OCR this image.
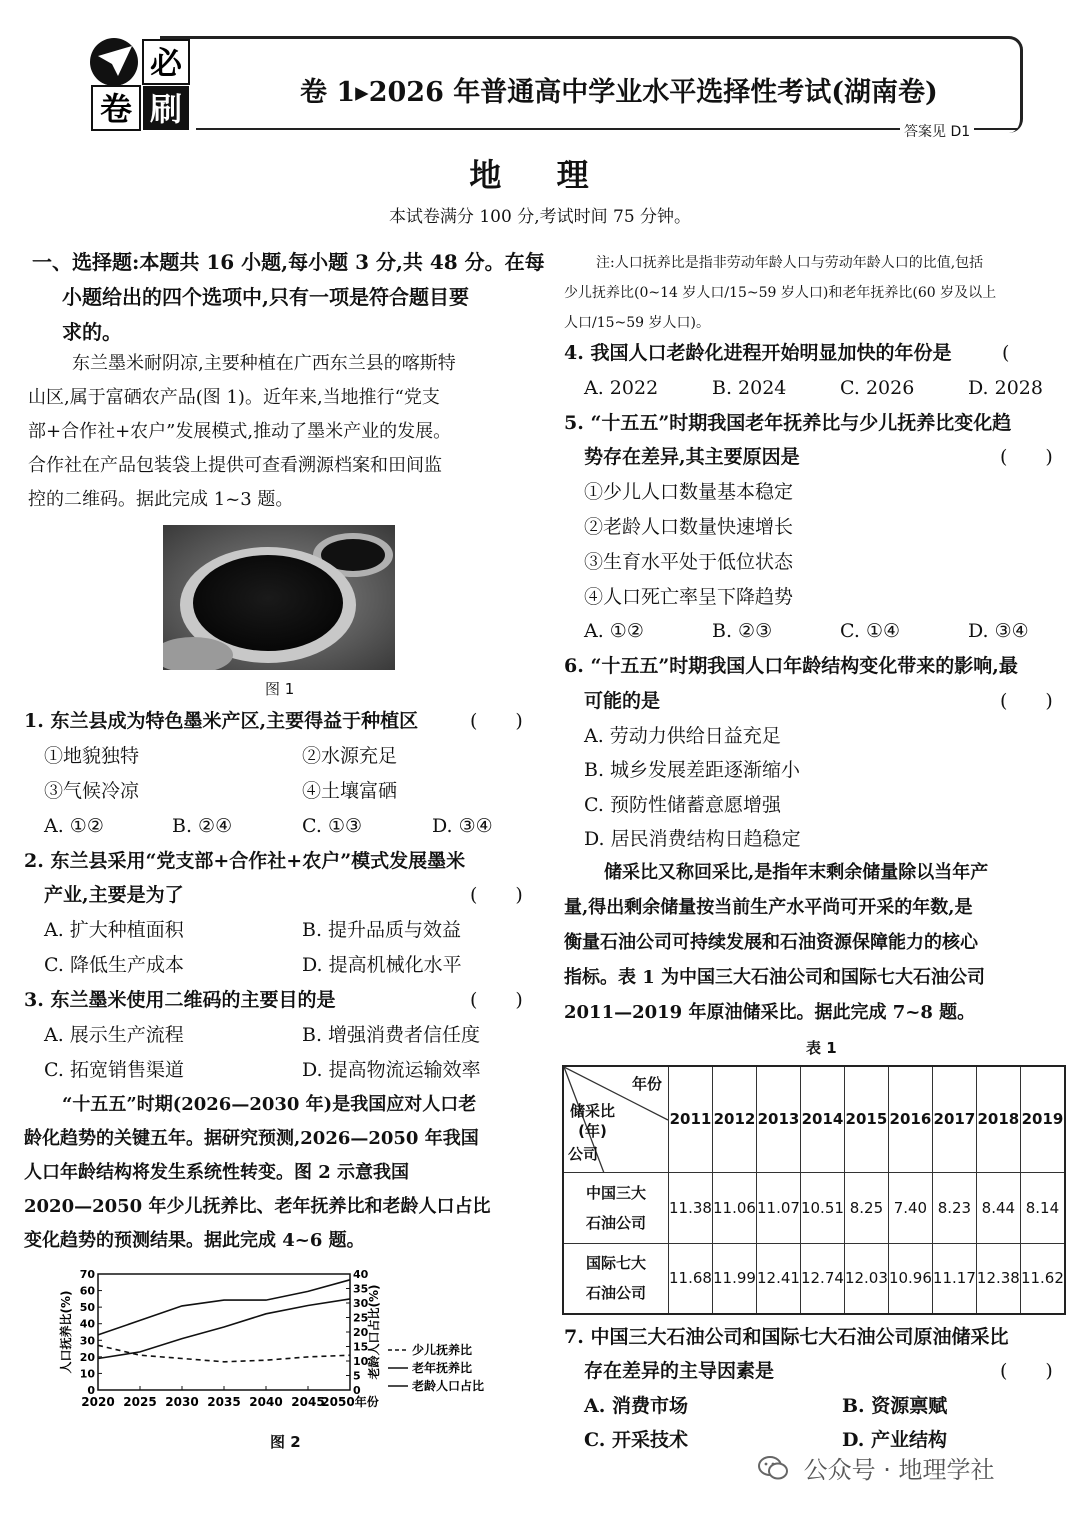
必
卷 刷	卷 1▸2026 年普通高中学业水平选择性考试(湖南卷)
答案见 D1
地 理
本试卷满分 100 分,考试时间 75 分钟。
一、选择题:本题共 16 小题,每小题 3 分,共 48 分。在每
小题给出的四个选项中,只有一项是符合题目要
求的。
东兰墨米耐阴凉,主要种植在广西东兰县的喀斯特
山区,属于富硒农产品(图 1)。近年来,当地推行“党支
部+合作社+农户”发展模式,推动了墨米产业的发展。
合作社在产品包装袋上提供可查看溯源档案和田间监
控的二维码。据此完成 1~3 题。
图 1
1. 东兰县成为特色墨米产区,主要得益于种植区	(　　)
①地貌独特	②水源充足
③气候冷凉	④土壤富硒
A. ①②	B. ②④	C. ①③	D. ③④
2. 东兰县采用“党支部+合作社+农户”模式发展墨米
产业,主要是为了	(　　)
A. 扩大种植面积	B. 提升品质与效益
C. 降低生产成本	D. 提高机械化水平
3. 东兰墨米使用二维码的主要目的是	(　　)
A. 展示生产流程	B. 增强消费者信任度
C. 拓宽销售渠道	D. 提高物流运输效率
“十五五”时期(2026—2030 年)是我国应对人口老
龄化趋势的关键五年。据研究预测,2026—2050 年我国
人口年龄结构将发生系统性转变。图 2 示意我国
2020—2050 年少儿抚养比、老年抚养比和老龄人口占比
变化趋势的预测结果。据此完成 4~6 题。
0
10
20
30
40
50
60
70
0
5
10
15
20
25
30
35
40
2020 2025 2030 2035 2040 2045
2050年份
人口抚养比(%)	老龄人口占比(%)	少儿抚养比
老年抚养比
老龄人口占比
图 2
注:人口抚养比是指非劳动年龄人口与劳动年龄人口的比值,包括
少儿抚养比(0~14 岁人口/15~59 岁人口)和老年抚养比(60 岁及以上
人口/15~59 岁人口)。
4. 我国人口老龄化进程开始明显加快的年份是	(
A. 2022	B. 2024	C. 2026	D. 2028
5. “十五五”时期我国老年抚养比与少儿抚养比变化趋
势存在差异,其主要原因是	(　　)
①少儿人口数量基本稳定
②老龄人口数量快速增长
③生育水平处于低位状态
④人口死亡率呈下降趋势
A. ①②	B. ②③	C. ①④	D. ③④
6. “十五五”时期我国人口年龄结构变化带来的影响,最
可能的是	(　　)
A. 劳动力供给日益充足
B. 城乡发展差距逐渐缩小
C. 预防性储蓄意愿增强
D. 居民消费结构日趋稳定
储采比又称回采比,是指年末剩余储量除以当年产
量,得出剩余储量按当前生产水平尚可开采的年数,是
衡量石油公司可持续发展和石油资源保障能力的核心
指标。表 1 为中国三大石油公司和国际七大石油公司
2011—2019 年原油储采比。据此完成 7~8 题。
表 1
年份
储采比
(年)
公司	2011	2012	2013	2014	2015	2016	2017	2018	2019

中国三大
石油公司	11.38	11.06	11.07	10.51	8.25	7.40	8.23	8.44	8.14

国际七大
石油公司	11.68	11.99	12.41	12.74	12.03	10.96	11.17	12.38	11.62
7. 中国三大石油公司和国际七大石油公司原油储采比
存在差异的主导因素是	(　　)
A. 消费市场	B. 资源禀赋
C. 开采技术	D. 产业结构
公众号 · 地理学社
